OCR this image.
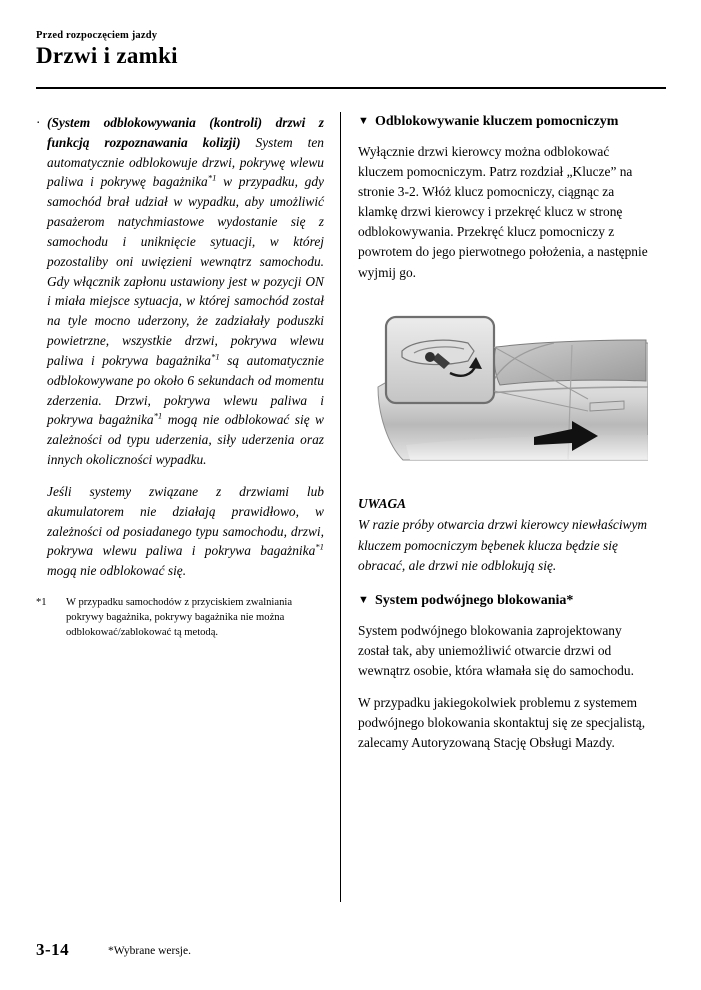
Przed rozpoczęciem jazdy

Drzwi i zamki

· (System odblokowywania (kontroli) drzwi z funkcją rozpoznawania kolizji) System ten automatycznie odblokowuje drzwi, pokrywę wlewu paliwa i pokrywę bagażnika$^{*1}$ w przypadku, gdy samochód brał udział w wypadku, aby umożliwić pasażerom natychmiastowe wydostanie się z samochodu i uniknięcie sytuacji, w której pozostaliby oni uwięzieni wewnątrz samochodu. Gdy włącznik zapłonu ustawiony jest w pozycji ON i miała miejsce sytuacja, w której samochód został na tyle mocno uderzony, że zadziałały poduszki powietrzne, wszystkie drzwi, pokrywa wlewu paliwa i pokrywa bagażnika$^{*1}$ są automatycznie odblokowywane po około 6 sekundach od momentu zderzenia. Drzwi, pokrywa wlewu paliwa i pokrywa bagażnika$^{*1}$ mogą nie odblokować się w zależności od typu uderzenia, siły uderzenia oraz innych okoliczności wypadku.

Jeśli systemy związane z drzwiami lub akumulatorem nie działają prawidłowo, w zależności od posiadanego typu samochodu, drzwi, pokrywa wlewu paliwa i pokrywa bagażnika$^{*1}$ mogą nie odblokować się.

*1	W przypadku samochodów z przyciskiem zwalniania pokrywy bagażnika, pokrywy bagażnika nie można odblokować/zablokować tą metodą.
▼ Odblokowywanie kluczem pomocniczym

Wyłącznie drzwi kierowcy można odblokować kluczem pomocniczym. Patrz rozdział „Klucze” na stronie 3-2. Włóż klucz pomocniczy, ciągnąc za klamkę drzwi kierowcy i przekręć klucz w stronę odblokowywania. Przekręć klucz pomocniczy z powrotem do jego pierwotnego położenia, a następnie wyjmij go.

UWAGA

W razie próby otwarcia drzwi kierowcy niewłaściwym kluczem pomocniczym bębenek klucza będzie się obracać, ale drzwi nie odblokują się.

▼ System podwójnego blokowania*

System podwójnego blokowania zaprojektowany został tak, aby uniemożliwić otwarcie drzwi od wewnątrz osobie, która włamała się do samochodu.

W przypadku jakiegokolwiek problemu z systemem podwójnego blokowania skontaktuj się ze specjalistą, zalecamy Autoryzowaną Stację Obsługi Mazdy.

3-14	*Wybrane wersje.
